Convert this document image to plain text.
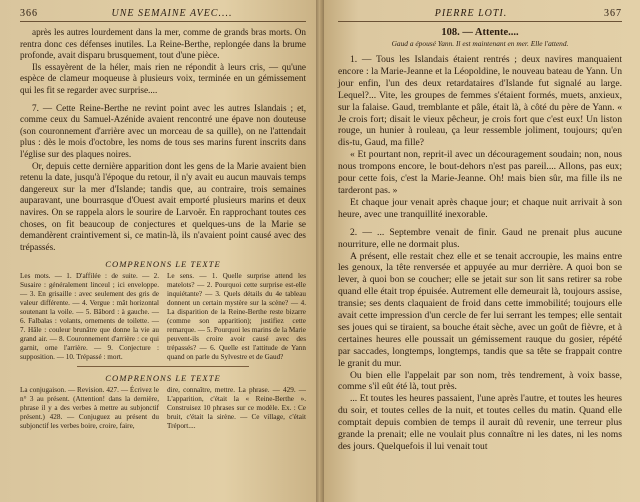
366	UNE SEMAINE AVEC....

après les autres lourdement dans la mer, comme de grands bras morts. On rentra donc ces défenses inutiles. La Reine-Berthe, replongée dans la brume profonde, avait disparu brusquement, tout d'une pièce.

Ils essayèrent de la héler, mais rien ne répondit à leurs cris, — qu'une espèce de clameur moqueuse à plusieurs voix, terminée en un gémissement qui les fit se regarder avec surprise....

7. — Cette Reine-Berthe ne revint point avec les autres Islandais ; et, comme ceux du Samuel-Azénide avaient rencontré une épave non douteuse (son couronnement d'arrière avec un morceau de sa quille), on ne l'attendait plus : dès le mois d'octobre, les noms de tous ses marins furent inscrits dans l'église sur des plaques noires.

Or, depuis cette dernière apparition dont les gens de la Marie avaient bien retenu la date, jusqu'à l'époque du retour, il n'y avait eu aucun mauvais temps dangereux sur la mer d'Islande; tandis que, au contraire, trois semaines auparavant, une bourrasque d'Ouest avait emporté plusieurs marins et deux navires. On se rappela alors le sourire de Larvoër. En rapprochant toutes ces choses, on fit beaucoup de conjectures et quelques-uns de la Marie se demandèrent craintivement si, ce matin-là, ils n'avaient point causé avec des trépassés.

COMPRENONS LE TEXTE

Les mots. — 1. D'affilée : de suite. — 2. Susaire : généralement linceul ; ici enveloppe. — 3. En grisaille : avec seulement des gris de valeur différente. — 4. Vergue : mât horizontal soutenant la voile. — 5. Bâbord : à gauche. — 6. Falbalas : volants, ornements de toilette. — 7. Hâle : couleur brunâtre que donne la vie au grand air. — 8. Couronnement d'arrière : ce qui garnit, orne l'arrière. — 9. Conjecture : supposition. — 10. Trépassé : mort.

Le sens. — 1. Quelle surprise attend les matelots? — 2. Pourquoi cette surprise est-elle inquiétante? — 3. Quels détails du 4e tableau donnent un certain mystère sur la scène? — 4. La disparition de la Reine-Berthe reste bizarre (comme son apparition); justifiez cette remarque. — 5. Pourquoi les marins de la Marie peuvent-ils croire avoir causé avec des trépassés? — 6. Quelle est l'attitude de Yann quand on parle du Sylvestre et de Gaud?

COMPRENONS LE TEXTE

La conjugaison. — Revision. 427. — Écrivez le n° 3 au présent. (Attention! dans la dernière, phrase il y a des verbes à mettre au subjonctif présent.) 428. — Conjuguez au présent du subjonctif les verbes boire, croire, faire,

dire, connaître, mettre. La phrase. — 429. — L'apparition, c'était la « Reine-Berthe ». Construisez 10 phrases sur ce modèle. Ex. : Ce bruit, c'était la sirène. — Ce village, c'était Tréport....

PIERRE LOTI.	367
108. — Attente....
Gaud a épousé Yann. Il est maintenant en mer. Elle l'attend.

1. — Tous les Islandais étaient rentrés ; deux navires manquaient encore : la Marie-Jeanne et la Léopoldine, le nouveau bateau de Yann. Un jour enfin, l'un des deux retardataires d'Islande fut signalé au large. Lequel?... Vite, les groupes de femmes s'étaient formés, muets, anxieux, sur la falaise. Gaud, tremblante et pâle, était là, à côté du père de Yann. « Je crois fort; disait le vieux pêcheur, je crois fort que c'est eux! Un liston rouge, un hunier à rouleau, ça leur ressemble joliment, toujours; qu'en dis-tu, Gaud, ma fille?

« Et pourtant non, reprit-il avec un découragement soudain; non, nous nous trompons encore, le bout-dehors n'est pas pareil.... Allons, pas eux; pour cette fois, c'est la Marie-Jeanne. Oh! mais bien sûr, ma fille ils ne tarderont pas. »

Et chaque jour venait après chaque jour; et chaque nuit arrivait à son heure, avec une tranquillité inexorable.

2. — ... Septembre venait de finir. Gaud ne prenait plus aucune nourriture, elle ne dormait plus.

A présent, elle restait chez elle et se tenait accroupie, les mains entre les genoux, la tête renversée et appuyée au mur derrière. A quoi bon se lever, à quoi bon se coucher; elle se jetait sur son lit sans retirer sa robe quand elle était trop épuisée. Autrement elle demeurait là, toujours assise, transie; ses dents claquaient de froid dans cette immobilité; toujours elle avait cette impression d'un cercle de fer lui serrant les tempes; elle sentait ses joues qui se tiraient, sa bouche était sèche, avec un goût de fièvre, et à certaines heures elle poussait un gémissement rauque du gosier, répété par saccades, longtemps, longtemps, tandis que sa tête se frappait contre le granit du mur.

Ou bien elle l'appelait par son nom, très tendrement, à voix basse, comme s'il eût été là, tout près.

... Et toutes les heures passaient, l'une après l'autre, et toutes les heures du soir, et toutes celles de la nuit, et toutes celles du matin. Quand elle comptait depuis combien de temps il aurait dû revenir, une terreur plus grande la prenait; elle ne voulait plus connaître ni les dates, ni les noms des jours. Quelquefois il lui venait tout
